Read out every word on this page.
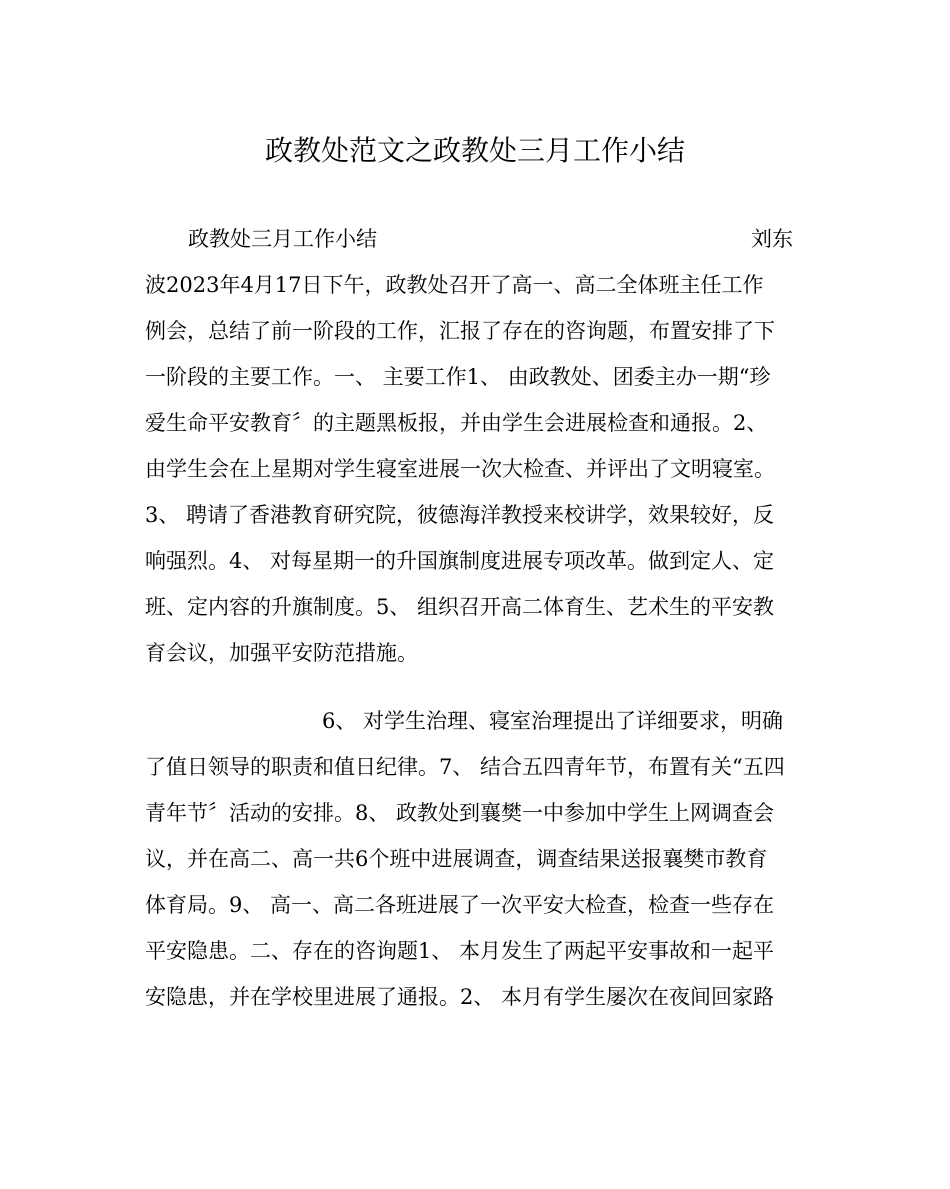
政教处范文之政教处三月工作小结
政教处三月工作小结	刘东
波2023年4月17日下午，政教处召开了高一、高二全体班主任工作
例会，总结了前一阶段的工作，汇报了存在的咨询题，布置安排了下
一阶段的主要工作。一、 主要工作1、 由政教处、团委主办一期“珍
爱生命平安教育〞的主题黑板报，并由学生会进展检查和通报。2、
由学生会在上星期对学生寝室进展一次大检查、并评出了文明寝室。
3、 聘请了香港教育研究院，彼德海洋教授来校讲学，效果较好，反
响强烈。4、 对每星期一的升国旗制度进展专项改革。做到定人、定
班、定内容的升旗制度。5、 组织召开高二体育生、艺术生的平安教
育会议，加强平安防范措施。
6、 对学生治理、寝室治理提出了详细要求，明确
了值日领导的职责和值日纪律。7、 结合五四青年节，布置有关“五四
青年节〞活动的安排。8、 政教处到襄樊一中参加中学生上网调查会
议，并在高二、高一共6个班中进展调查，调查结果送报襄樊市教育
体育局。9、 高一、高二各班进展了一次平安大检查，检查一些存在
平安隐患。二、存在的咨询题1、 本月发生了两起平安事故和一起平
安隐患，并在学校里进展了通报。2、 本月有学生屡次在夜间回家路
